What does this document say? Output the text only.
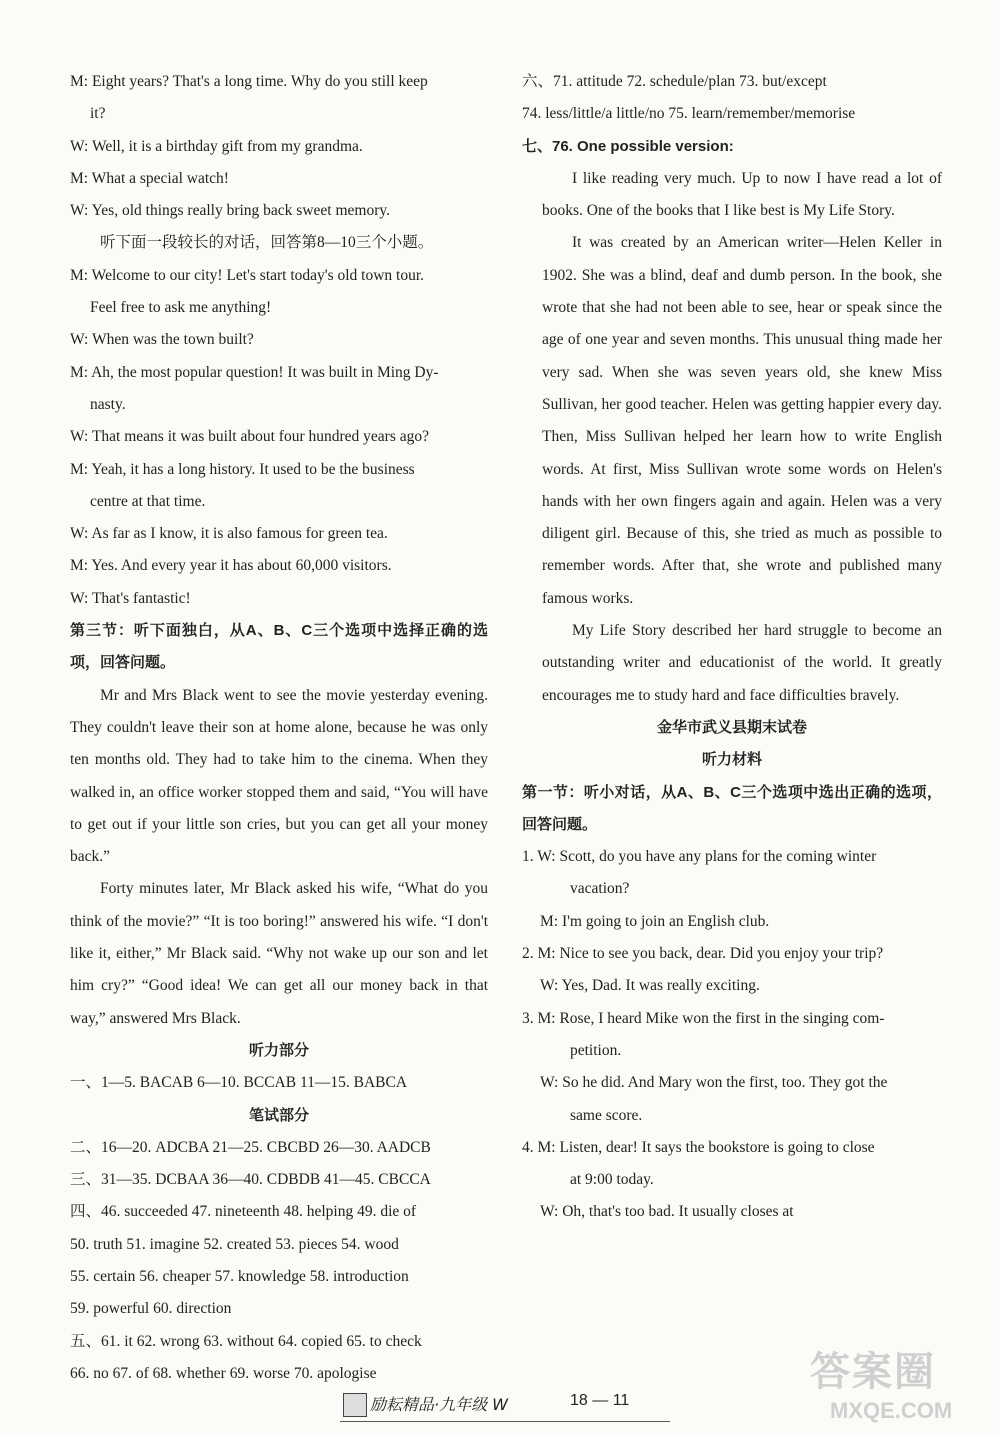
M: Eight years? That's a long time. Why do you still keep
it?
W: Well, it is a birthday gift from my grandma.
M: What a special watch!
W: Yes, old things really bring back sweet memory.
听下面一段较长的对话，回答第8—10三个小题。
M: Welcome to our city! Let's start today's old town tour.
Feel free to ask me anything!
W: When was the town built?
M: Ah, the most popular question! It was built in Ming Dy-
nasty.
W: That means it was built about four hundred years ago?
M: Yeah, it has a long history. It used to be the business
centre at that time.
W: As far as I know, it is also famous for green tea.
M: Yes. And every year it has about 60,000 visitors.
W: That's fantastic!
第三节：听下面独白，从A、B、C三个选项中选择正确的选项，回答问题。
Mr and Mrs Black went to see the movie yesterday evening. They couldn't leave their son at home alone, because he was only ten months old. They had to take him to the cinema. When they walked in, an office worker stopped them and said, “You will have to get out if your little son cries, but you can get all your money back.”
Forty minutes later, Mr Black asked his wife, “What do you think of the movie?” “It is too boring!” answered his wife. “I don't like it, either,” Mr Black said. “Why not wake up our son and let him cry?” “Good idea! We can get all our money back in that way,” answered Mrs Black.
听力部分
一、1—5. BACAB 6—10. BCCAB 11—15. BABCA
笔试部分
二、16—20. ADCBA 21—25. CBCBD 26—30. AADCB
三、31—35. DCBAA 36—40. CDBDB 41—45. CBCCA
四、46. succeeded 47. nineteenth 48. helping 49. die of
50. truth 51. imagine 52. created 53. pieces 54. wood
55. certain 56. cheaper 57. knowledge 58. introduction
59. powerful 60. direction
五、61. it 62. wrong 63. without 64. copied 65. to check
66. no 67. of 68. whether 69. worse 70. apologise
六、71. attitude 72. schedule/plan 73. but/except
74. less/little/a little/no 75. learn/remember/memorise
七、76. One possible version:
I like reading very much. Up to now I have read a lot of books. One of the books that I like best is My Life Story.
It was created by an American writer—Helen Keller in 1902. She was a blind, deaf and dumb person. In the book, she wrote that she had not been able to see, hear or speak since the age of one year and seven months. This unusual thing made her very sad. When she was seven years old, she knew Miss Sullivan, her good teacher. Helen was getting happier every day. Then, Miss Sullivan helped her learn how to write English words. At first, Miss Sullivan wrote some words on Helen's hands with her own fingers again and again. Helen was a very diligent girl. Because of this, she tried as much as possible to remember words. After that, she wrote and published many famous works.
My Life Story described her hard struggle to become an outstanding writer and educationist of the world. It greatly encourages me to study hard and face difficulties bravely.
金华市武义县期末试卷
听力材料
第一节：听小对话，从A、B、C三个选项中选出正确的选项，回答问题。
1. W: Scott, do you have any plans for the coming winter
vacation?
M: I'm going to join an English club.
2. M: Nice to see you back, dear. Did you enjoy your trip?
W: Yes, Dad. It was really exciting.
3. M: Rose, I heard Mike won the first in the singing com-
petition.
W: So he did. And Mary won the first, too. They got the
same score.
4. M: Listen, dear! It says the bookstore is going to close
at 9:00 today.
W: Oh, that's too bad. It usually closes at
励耘精品·九年级 W	18 — 11
答案圈
MXQE.COM
